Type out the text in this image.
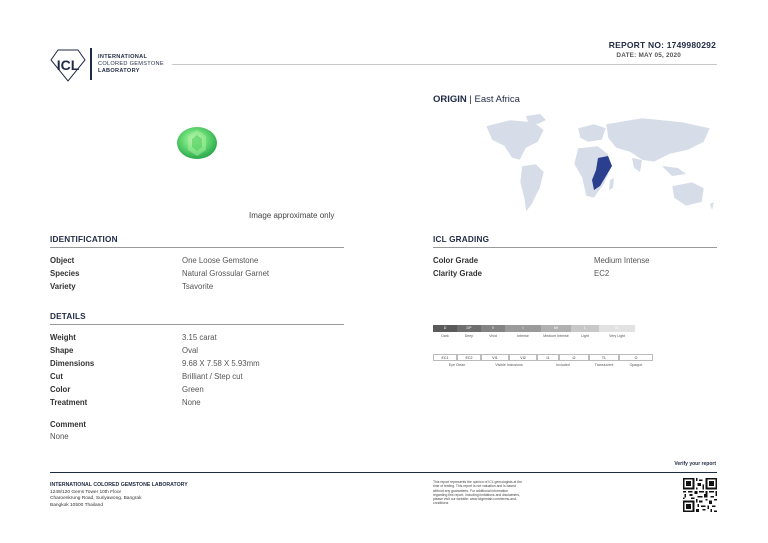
ICL	INTERNATIONAL
COLORED GEMSTONE
LABORATORY
REPORT NO: 1749980292
DATE: MAY 05, 2020
Image approximate only
ORIGIN | East Africa
IDENTIFICATION
Object	One Loose Gemstone
Species	Natural Grossular Garnet
Variety	Tsavorite
DETAILS
Weight	3.15 carat
Shape	Oval
Dimensions	9.68 X 7.58 X 5.93mm
Cut	Brilliant / Step cut
Color	Green
Treatment	None
Comment
None
ICL GRADING
Color Grade	Medium Intense
Clarity Grade	EC2
D	DP	V	I	MI	L	VL
Dark	Deep	Vivid	Intense	Medium Intense	Light	Very Light
EC1	EC2	VI1	VI2	I1	I2	TL	O
Eye Clean	Visible Inclusions	Included	Translucent	Opaque
Verify your report
INTERNATIONAL COLORED GEMSTONE LABORATORY
1249/120 Gems Tower 10th Floor
Charoenkrung Road, Suriyawong, Bangrak
Bangkok 10500 Thailand
This report represents the opinion of ICL gemologists at the time of testing. This report is not valuation and is based without any guarantees. For additional information regarding this report, including limitations and disclaimers, please visit our website: www.iclgemlab.com/terms-and-conditions
